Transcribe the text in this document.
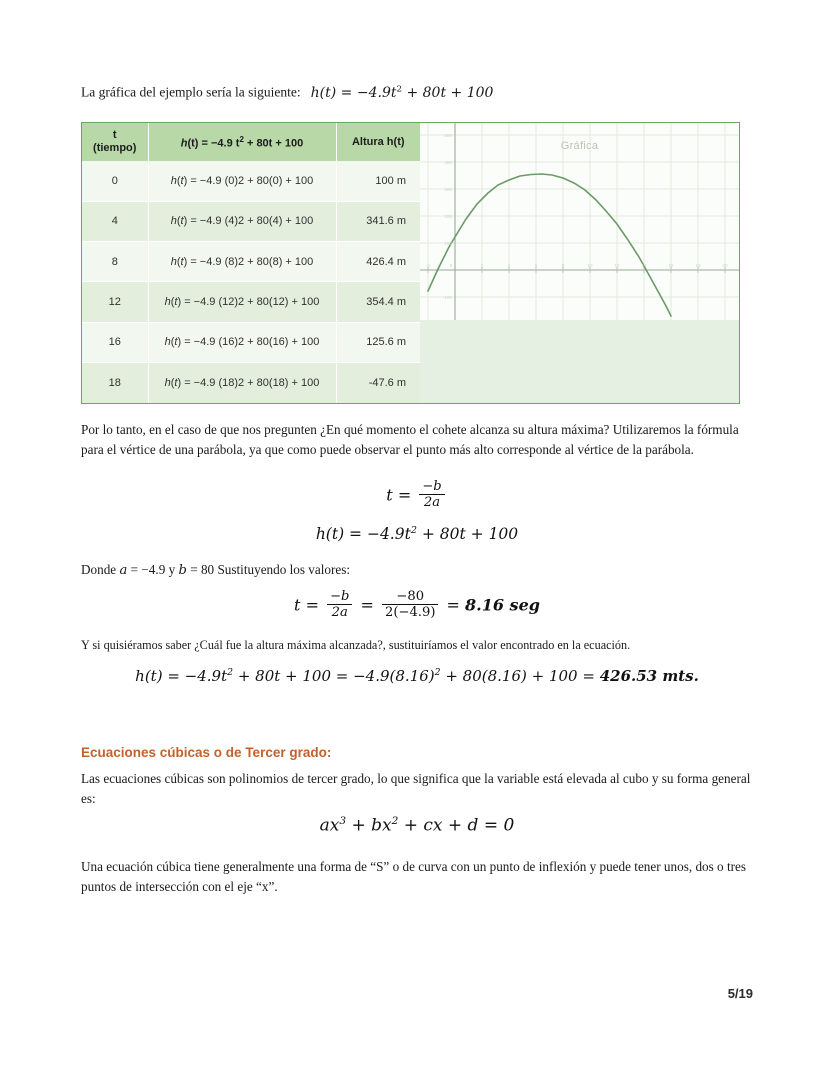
La gráfica del ejemplo sería la siguiente: $h(t) = -4.9t^2 + 80t + 100$
t
(tiempo)	h(t) = −4.9 $t^2 + 80t + 100$	Altura h(t)
0	h(t) = −4.9 (0)2 + 80(0) + 100	100 m
4	h(t) = −4.9 (4)2 + 80(4) + 100	341.6 m
8	h(t) = −4.9 (8)2 + 80(8) + 100	426.4 m
12	h(t) = −4.9 (12)2 + 80(12) + 100	354.4 m
16	h(t) = −4.9 (16)2 + 80(16) + 100	125.6 m
18	h(t) = −4.9 (18)2 + 80(18) + 100	-47.6 m
500
400
300
200
100
-100
-2	0	2	4	6	8	10	12	14	16	18	20
Gráfica
Por lo tanto, en el caso de que nos pregunten ¿En qué momento el cohete alcanza su altura máxima? Utilizaremos la fórmula para el vértice de una parábola, ya que como puede observar el punto más alto corresponde al vértice de la parábola.
$t = \frac{-b}{2a}$
$h(t) = -4.9t^2 + 80t + 100$
Donde a = −4.9 y b = 80 Sustituyendo los valores:
$t = \frac{-b}{2a} = \frac{-80}{2(-4.9)} = 8.16$ seg
Y si quisiéramos saber ¿Cuál fue la altura máxima alcanzada?, sustituiríamos el valor encontrado en la ecuación.
$h(t) = -4.9t^2 + 80t + 100 = -4.9(8.16)^2 + 80(8.16) + 100 = 426.53$ mts.
Ecuaciones cúbicas o de Tercer grado:
Las ecuaciones cúbicas son polinomios de tercer grado, lo que significa que la variable está elevada al cubo y su forma general es:
$ax^3 + bx^2$ + cx + d = 0
Una ecuación cúbica tiene generalmente una forma de “S” o de curva con un punto de inflexión y puede tener unos, dos o tres puntos de intersección con el eje “x”.
5/19
